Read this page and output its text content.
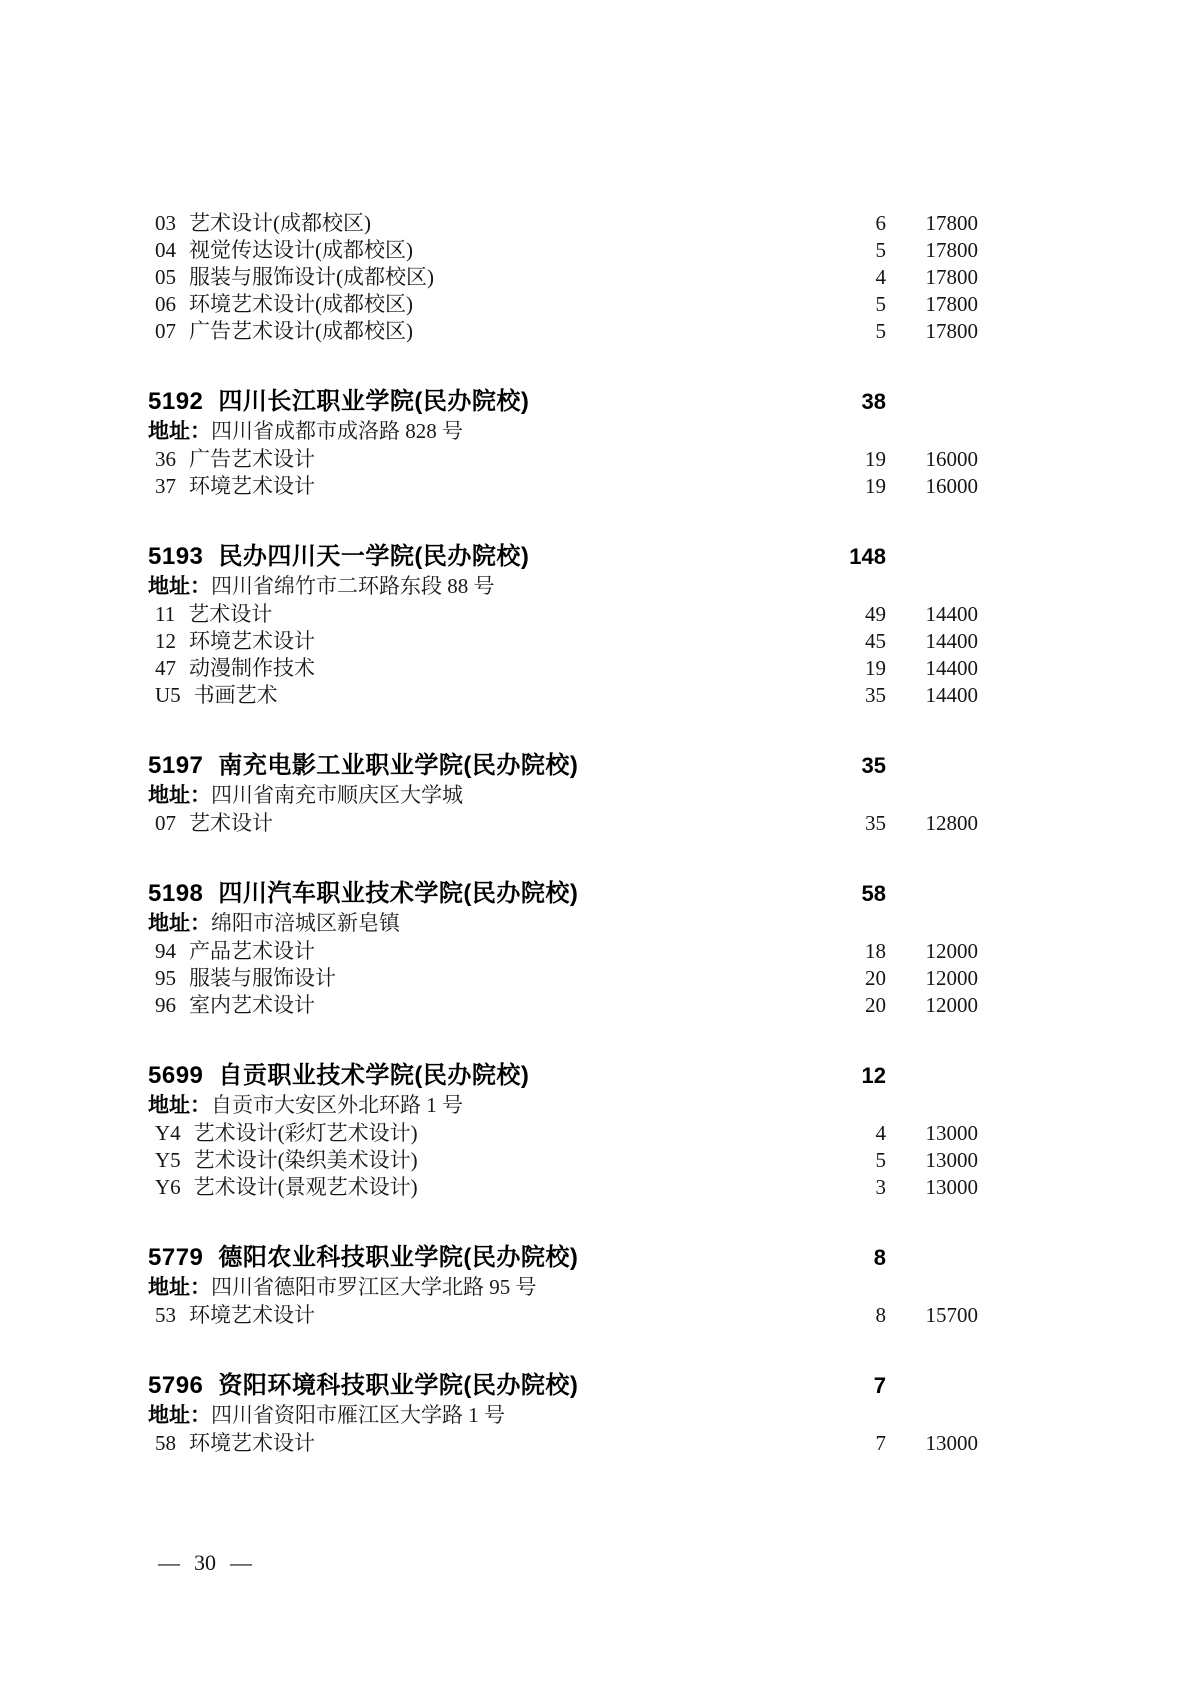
03 艺术设计(成都校区)	6	17800
04 视觉传达设计(成都校区)	5	17800
05 服装与服饰设计(成都校区)	4	17800
06 环境艺术设计(成都校区)	5	17800
07 广告艺术设计(成都校区)	5	17800
5192 四川长江职业学院(民办院校)	38
地址：四川省成都市成洛路 828 号
36 广告艺术设计	19	16000
37 环境艺术设计	19	16000
5193 民办四川天一学院(民办院校)	148
地址：四川省绵竹市二环路东段 88 号
11 艺术设计	49	14400
12 环境艺术设计	45	14400
47 动漫制作技术	19	14400
U5 书画艺术	35	14400
5197 南充电影工业职业学院(民办院校)	35
地址：四川省南充市顺庆区大学城
07 艺术设计	35	12800
5198 四川汽车职业技术学院(民办院校)	58
地址：绵阳市涪城区新皂镇
94 产品艺术设计	18	12000
95 服装与服饰设计	20	12000
96 室内艺术设计	20	12000
5699 自贡职业技术学院(民办院校)	12
地址：自贡市大安区外北环路 1 号
Y4 艺术设计(彩灯艺术设计)	4	13000
Y5 艺术设计(染织美术设计)	5	13000
Y6 艺术设计(景观艺术设计)	3	13000
5779 德阳农业科技职业学院(民办院校)	8
地址：四川省德阳市罗江区大学北路 95 号
53 环境艺术设计	8	15700
5796 资阳环境科技职业学院(民办院校)	7
地址：四川省资阳市雁江区大学路 1 号
58 环境艺术设计	7	13000
— 30 —
